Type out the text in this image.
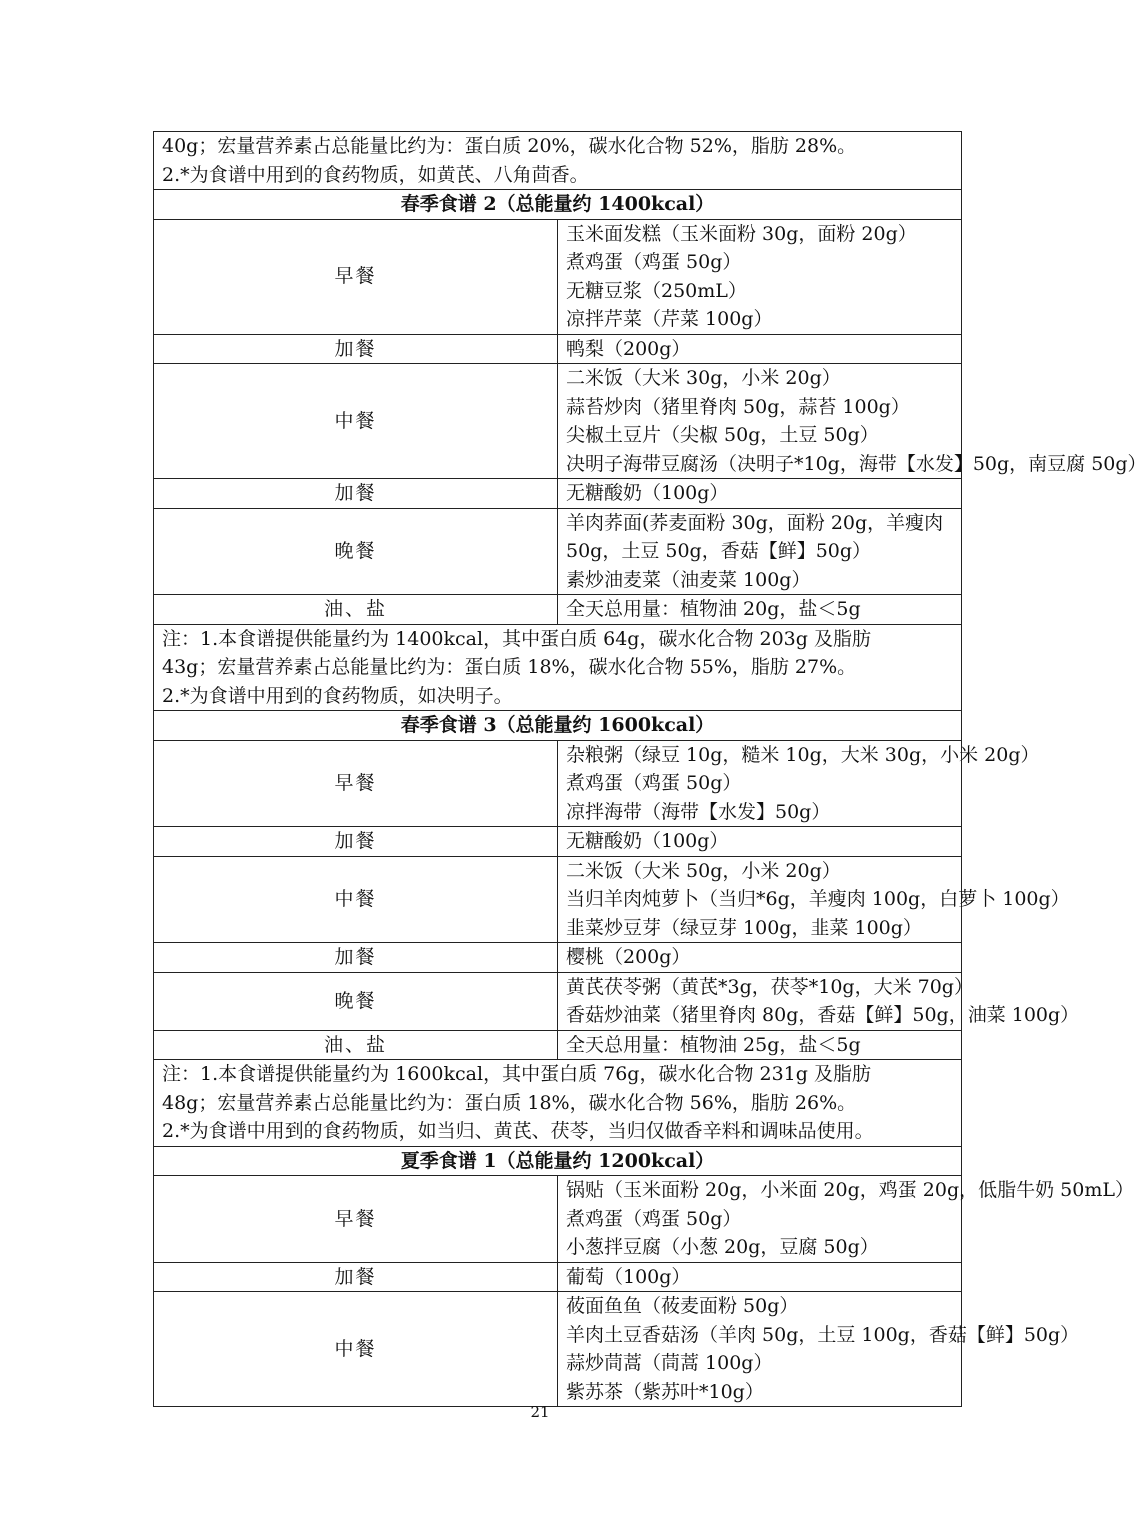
40g；宏量营养素占总能量比约为：蛋白质 20%，碳水化合物 52%，脂肪 28%。
2.*为食谱中用到的食药物质，如黄芪、八角茴香。	

春季食谱 2（总能量约 1400kcal）	
早餐	玉米面发糕（玉米面粉 30g，面粉 20g）
煮鸡蛋（鸡蛋 50g）
无糖豆浆（250mL）
凉拌芹菜（芹菜 100g）

加餐	鸭梨（200g）

中餐	二米饭（大米 30g，小米 20g）
蒜苔炒肉（猪里脊肉 50g，蒜苔 100g）
尖椒土豆片（尖椒 50g，土豆 50g）
决明子海带豆腐汤（决明子*10g，海带【水发】50g，南豆腐 50g）

加餐	无糖酸奶（100g）

晚餐	羊肉荞面(荞麦面粉 30g，面粉 20g，羊瘦肉 50g，土豆 50g，香菇【鲜】50g）
素炒油麦菜（油麦菜 100g）

油、盐	全天总用量：植物油 20g，盐＜5g

注：1.本食谱提供能量约为 1400kcal，其中蛋白质 64g，碳水化合物 203g 及脂肪
43g；宏量营养素占总能量比约为：蛋白质 18%，碳水化合物 55%，脂肪 27%。
2.*为食谱中用到的食药物质，如决明子。	

春季食谱 3（总能量约 1600kcal）	
早餐	杂粮粥（绿豆 10g，糙米 10g，大米 30g，小米 20g）
煮鸡蛋（鸡蛋 50g）
凉拌海带（海带【水发】50g）

加餐	无糖酸奶（100g）

中餐	二米饭（大米 50g，小米 20g）
当归羊肉炖萝卜（当归*6g，羊瘦肉 100g，白萝卜 100g）
韭菜炒豆芽（绿豆芽 100g，韭菜 100g）

加餐	樱桃（200g）

晚餐	黄芪茯苓粥（黄芪*3g，茯苓*10g，大米 70g）
香菇炒油菜（猪里脊肉 80g，香菇【鲜】50g，油菜 100g）

油、盐	全天总用量：植物油 25g，盐＜5g

注：1.本食谱提供能量约为 1600kcal，其中蛋白质 76g，碳水化合物 231g 及脂肪
48g；宏量营养素占总能量比约为：蛋白质 18%，碳水化合物 56%，脂肪 26%。
2.*为食谱中用到的食药物质，如当归、黄芪、茯苓，当归仅做香辛料和调味品使用。	

夏季食谱 1（总能量约 1200kcal）	
早餐	锅贴（玉米面粉 20g，小米面 20g，鸡蛋 20g，低脂牛奶 50mL）
煮鸡蛋（鸡蛋 50g）
小葱拌豆腐（小葱 20g，豆腐 50g）

加餐	葡萄（100g）

中餐	莜面鱼鱼（莜麦面粉 50g）
羊肉土豆香菇汤（羊肉 50g，土豆 100g，香菇【鲜】50g）
蒜炒茼蒿（茼蒿 100g）
紫苏茶（紫苏叶*10g）
21
